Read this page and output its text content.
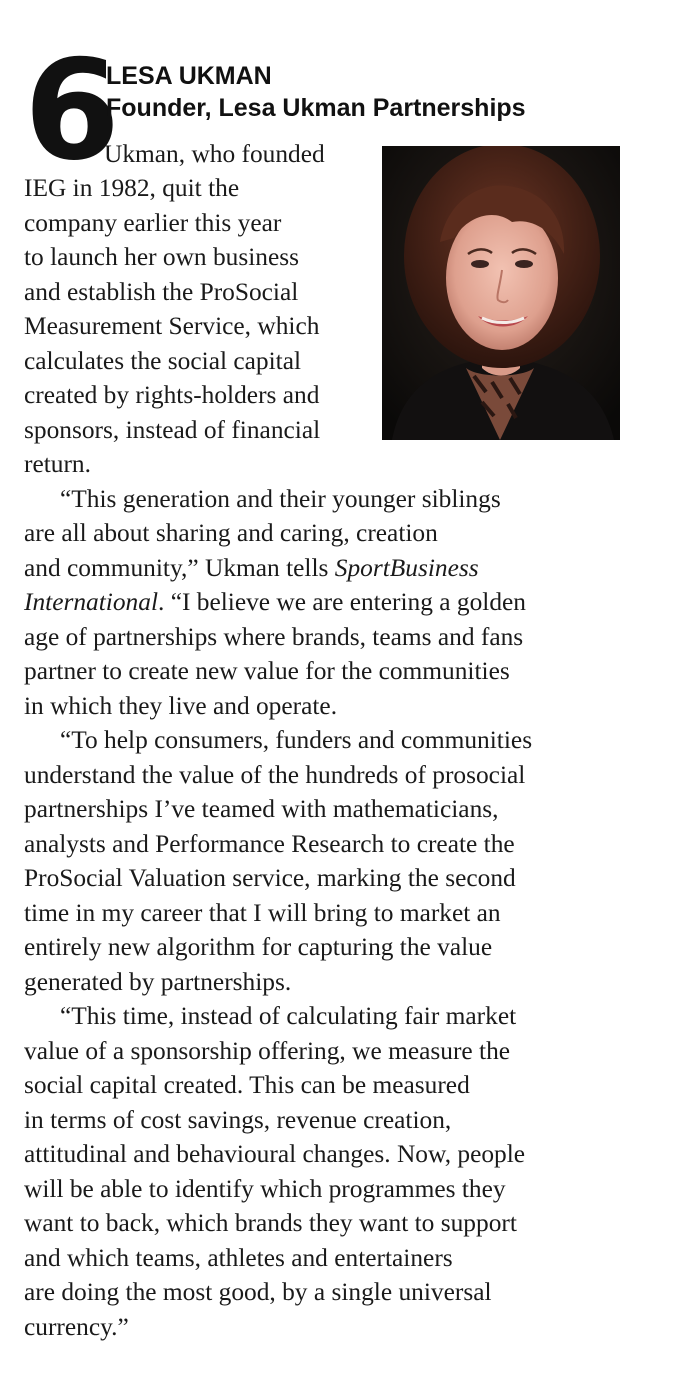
6
LESA UKMAN
Founder, Lesa Ukman Partnerships
Ukman, who founded
IEG in 1982, quit the
company earlier this year
to launch her own business
and establish the ProSocial
Measurement Service, which
calculates the social capital
created by rights-holders and
sponsors, instead of financial
return.
“This generation and their younger siblings
are all about sharing and caring, creation
and community,” Ukman tells SportBusiness
International. “I believe we are entering a golden
age of partnerships where brands, teams and fans
partner to create new value for the communities
in which they live and operate.
“To help consumers, funders and communities
understand the value of the hundreds of prosocial
partnerships I’ve teamed with mathematicians,
analysts and Performance Research to create the
ProSocial Valuation service, marking the second
time in my career that I will bring to market an
entirely new algorithm for capturing the value
generated by partnerships.
“This time, instead of calculating fair market
value of a sponsorship offering, we measure the
social capital created. This can be measured
in terms of cost savings, revenue creation,
attitudinal and behavioural changes. Now, people
will be able to identify which programmes they
want to back, which brands they want to support
and which teams, athletes and entertainers
are doing the most good, by a single universal
currency.”
